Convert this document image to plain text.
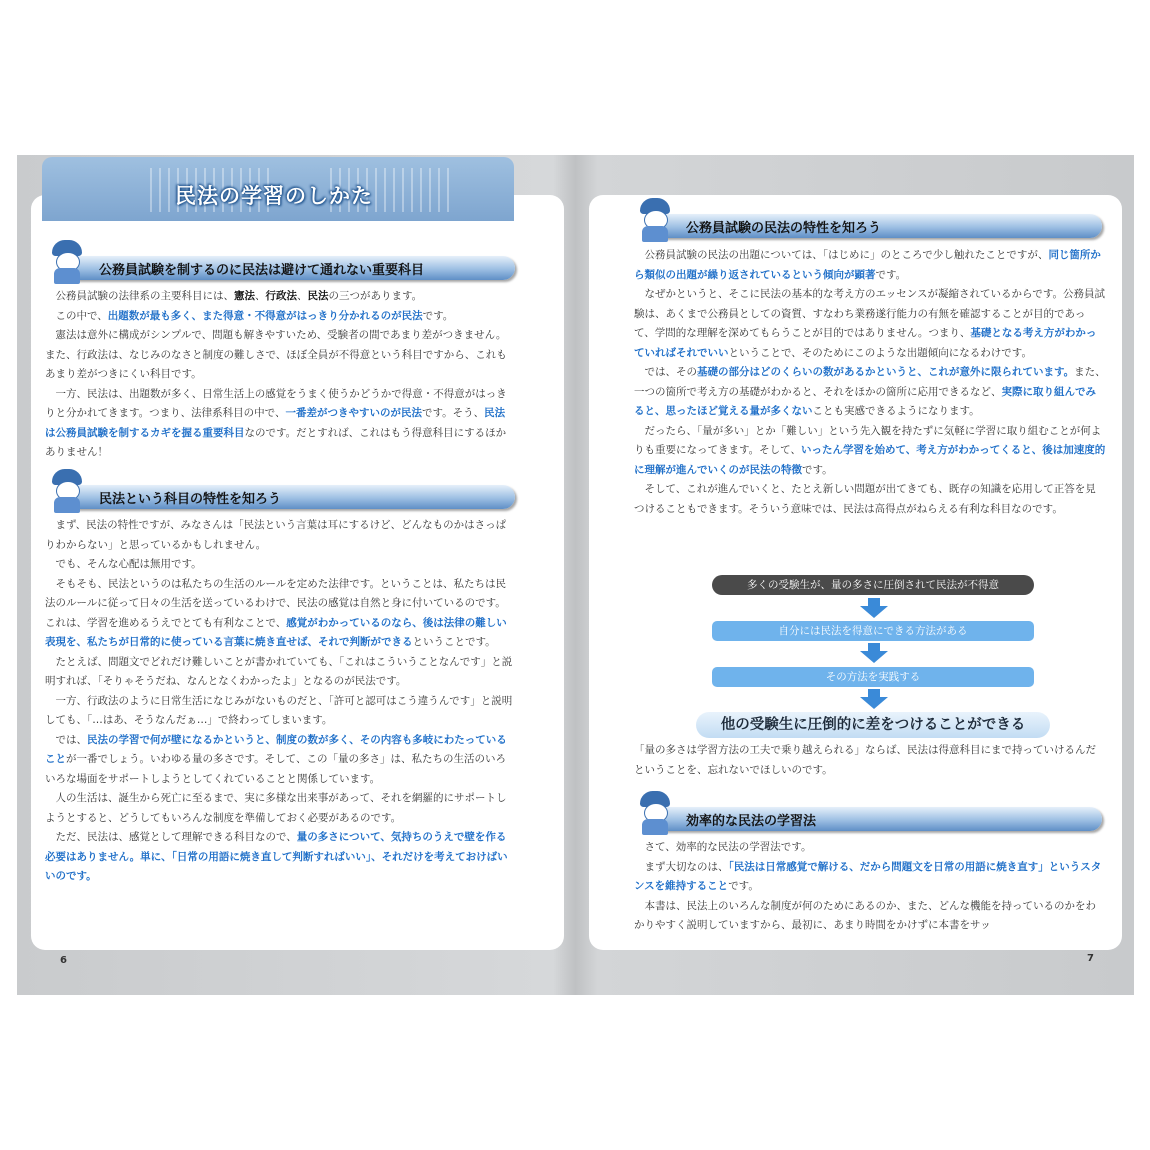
民法の学習のしかた
公務員試験を制するのに民法は避けて通れない重要科目
公務員試験の法律系の主要科目には、憲法、行政法、民法の三つがあります。
この中で、出題数が最も多く、また得意・不得意がはっきり分かれるのが民法です。
憲法は意外に構成がシンプルで、問題も解きやすいため、受験者の間であまり差がつきません。また、行政法は、なじみのなさと制度の難しさで、ほぼ全員が不得意という科目ですから、これもあまり差がつきにくい科目です。
一方、民法は、出題数が多く、日常生活上の感覚をうまく使うかどうかで得意・不得意がはっきりと分かれてきます。つまり、法律系科目の中で、一番差がつきやすいのが民法です。そう、民法は公務員試験を制するカギを握る重要科目なのです。だとすれば、これはもう得意科目にするほかありません！
民法という科目の特性を知ろう
まず、民法の特性ですが、みなさんは「民法という言葉は耳にするけど、どんなものかはさっぱりわからない」と思っているかもしれません。
でも、そんな心配は無用です。
そもそも、民法というのは私たちの生活のルールを定めた法律です。ということは、私たちは民法のルールに従って日々の生活を送っているわけで、民法の感覚は自然と身に付いているのです。これは、学習を進めるうえでとても有利なことで、感覚がわかっているのなら、後は法律の難しい表現を、私たちが日常的に使っている言葉に焼き直せば、それで判断ができるということです。
たとえば、問題文でどれだけ難しいことが書かれていても、「これはこういうことなんです」と説明すれば、「そりゃそうだね、なんとなくわかったよ」となるのが民法です。
一方、行政法のように日常生活になじみがないものだと、「許可と認可はこう違うんです」と説明しても、「…はあ、そうなんだぁ…」で終わってしまいます。
では、民法の学習で何が壁になるかというと、制度の数が多く、その内容も多岐にわたっていることが一番でしょう。いわゆる量の多さです。そして、この「量の多さ」は、私たちの生活のいろいろな場面をサポートしようとしてくれていることと関係しています。
人の生活は、誕生から死亡に至るまで、実に多様な出来事があって、それを網羅的にサポートしようとすると、どうしてもいろんな制度を準備しておく必要があるのです。
ただ、民法は、感覚として理解できる科目なので、量の多さについて、気持ちのうえで壁を作る必要はありません。単に、「日常の用語に焼き直して判断すればいい」、それだけを考えておけばいいのです。
6
公務員試験の民法の特性を知ろう
公務員試験の民法の出題については、「はじめに」のところで少し触れたことですが、同じ箇所から類似の出題が繰り返されているという傾向が顕著です。
なぜかというと、そこに民法の基本的な考え方のエッセンスが凝縮されているからです。公務員試験は、あくまで公務員としての資質、すなわち業務遂行能力の有無を確認することが目的であって、学問的な理解を深めてもらうことが目的ではありません。つまり、基礎となる考え方がわかっていればそれでいいということで、そのためにこのような出題傾向になるわけです。
では、その基礎の部分はどのくらいの数があるかというと、これが意外に限られています。また、一つの箇所で考え方の基礎がわかると、それをほかの箇所に応用できるなど、実際に取り組んでみると、思ったほど覚える量が多くないことも実感できるようになります。
だったら、「量が多い」とか「難しい」という先入観を持たずに気軽に学習に取り組むことが何よりも重要になってきます。そして、いったん学習を始めて、考え方がわかってくると、後は加速度的に理解が進んでいくのが民法の特徴です。
そして、これが進んでいくと、たとえ新しい問題が出てきても、既存の知識を応用して正答を見つけることもできます。そういう意味では、民法は高得点がねらえる有利な科目なのです。
多くの受験生が、量の多さに圧倒されて民法が不得意
自分には民法を得意にできる方法がある
その方法を実践する
他の受験生に圧倒的に差をつけることができる
「量の多さは学習方法の工夫で乗り越えられる」ならば、民法は得意科目にまで持っていけるんだということを、忘れないでほしいのです。
効率的な民法の学習法
さて、効率的な民法の学習法です。
まず大切なのは、「民法は日常感覚で解ける、だから問題文を日常の用語に焼き直す」というスタンスを維持することです。
本書は、民法上のいろんな制度が何のためにあるのか、また、どんな機能を持っているのかをわかりやすく説明していますから、最初に、あまり時間をかけずに本書をサッ
7
